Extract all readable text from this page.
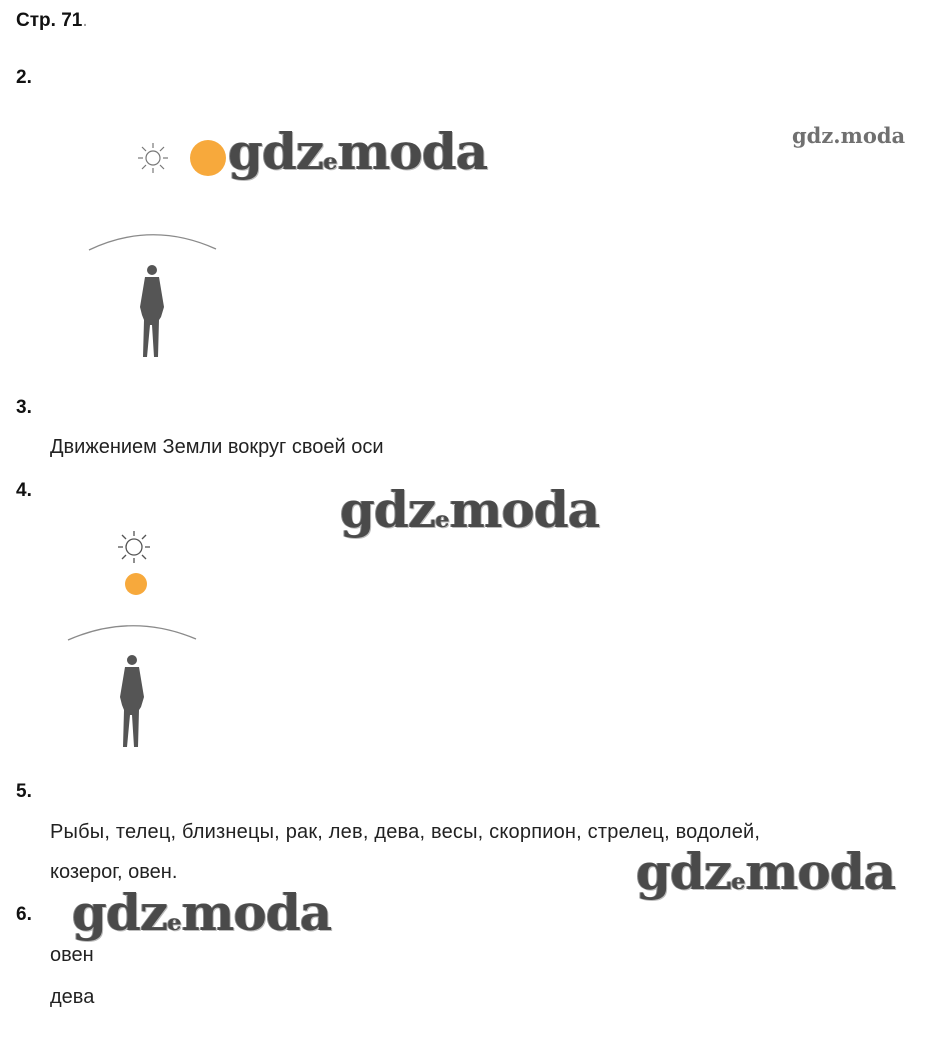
Стр. 71.
2.
gdzemoda	gdz.moda
3.
Движением Земли вокруг своей оси
4.	gdzemoda
5.
Рыбы, телец, близнецы, рак, лев, дева, весы, скорпион, стрелец, водолей,
козерог, овен.	gdzemoda
6. gdzemoda
овен
дева
